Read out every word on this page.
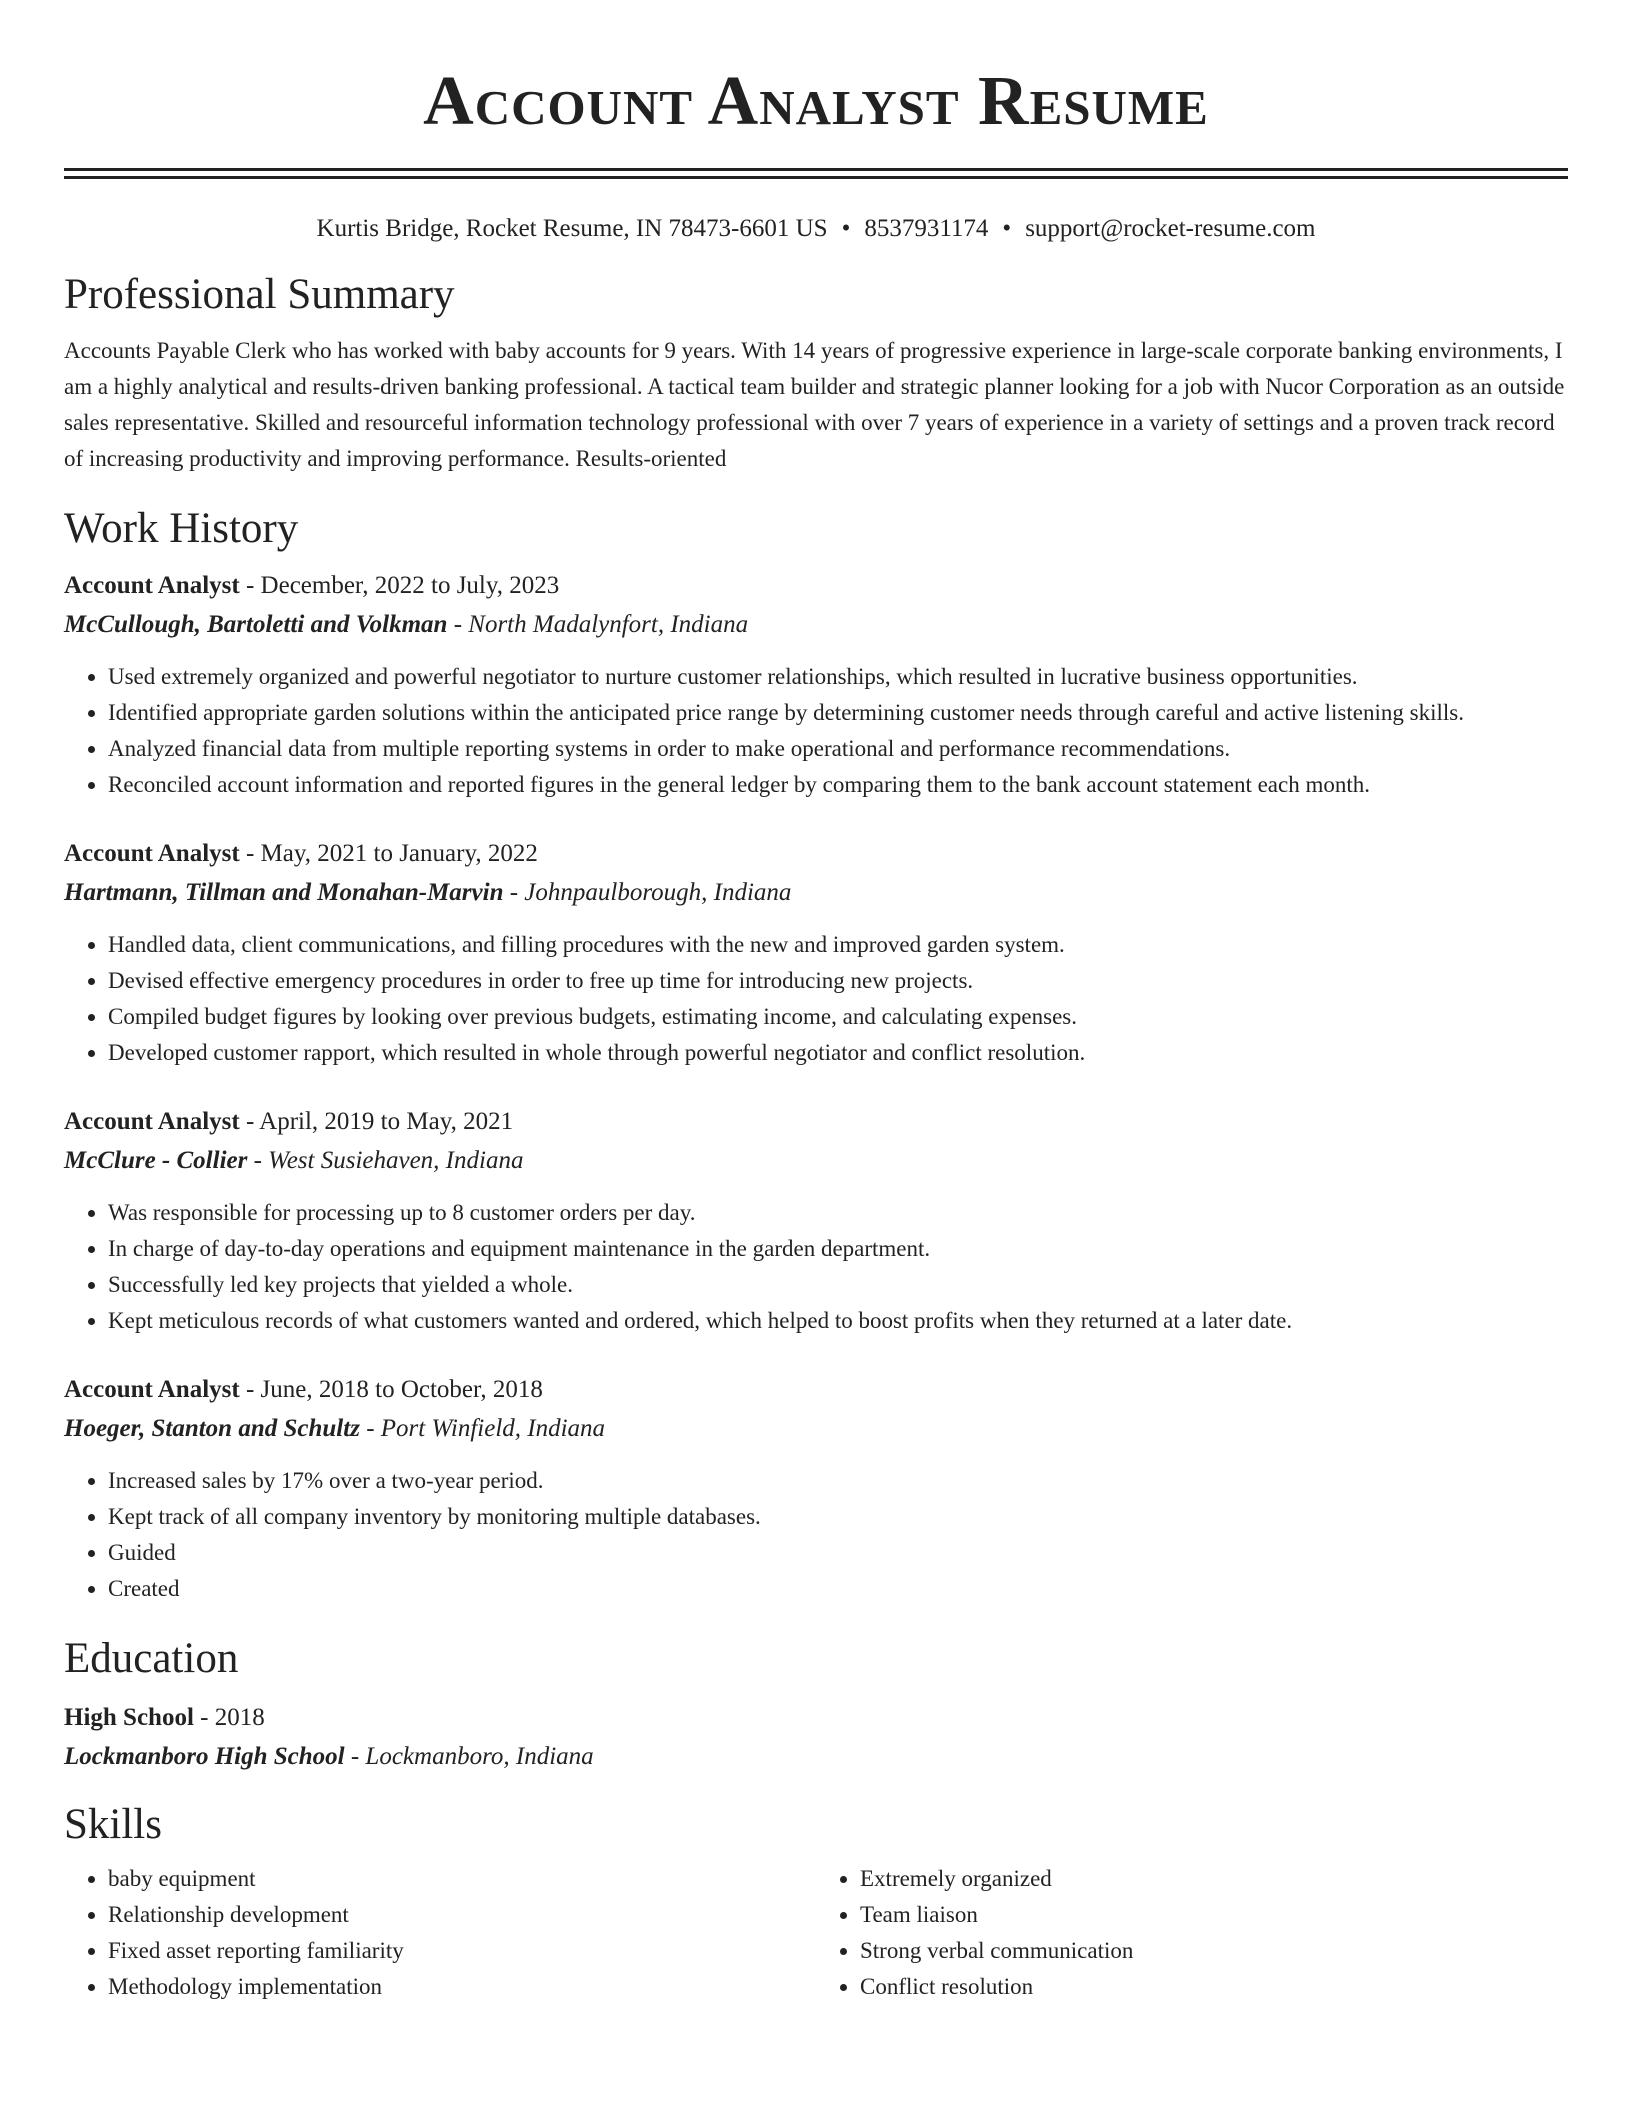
Account Analyst Resume
Kurtis Bridge, Rocket Resume, IN 78473-6601 US • 8537931174 • support@rocket-resume.com
Professional Summary

Accounts Payable Clerk who has worked with baby accounts for 9 years. With 14 years of progressive experience in large-scale corporate banking environments, I am a highly analytical and results-driven banking professional. A tactical team builder and strategic planner looking for a job with Nucor Corporation as an outside sales representative. Skilled and resourceful information technology professional with over 7 years of experience in a variety of settings and a proven track record of increasing productivity and improving performance. Results-oriented

Work History
Account Analyst - December, 2022 to July, 2023
McCullough, Bartoletti and Volkman - North Madalynfort, Indiana
• Used extremely organized and powerful negotiator to nurture customer relationships, which resulted in lucrative business opportunities.
• Identified appropriate garden solutions within the anticipated price range by determining customer needs through careful and active listening skills.
• Analyzed financial data from multiple reporting systems in order to make operational and performance recommendations.
• Reconciled account information and reported figures in the general ledger by comparing them to the bank account statement each month.
Account Analyst - May, 2021 to January, 2022
Hartmann, Tillman and Monahan-Marvin - Johnpaulborough, Indiana
• Handled data, client communications, and filling procedures with the new and improved garden system.
• Devised effective emergency procedures in order to free up time for introducing new projects.
• Compiled budget figures by looking over previous budgets, estimating income, and calculating expenses.
• Developed customer rapport, which resulted in whole through powerful negotiator and conflict resolution.
Account Analyst - April, 2019 to May, 2021
McClure - Collier - West Susiehaven, Indiana
• Was responsible for processing up to 8 customer orders per day.
• In charge of day-to-day operations and equipment maintenance in the garden department.
• Successfully led key projects that yielded a whole.
• Kept meticulous records of what customers wanted and ordered, which helped to boost profits when they returned at a later date.
Account Analyst - June, 2018 to October, 2018
Hoeger, Stanton and Schultz - Port Winfield, Indiana
• Increased sales by 17% over a two-year period.
• Kept track of all company inventory by monitoring multiple databases.
• Guided
• Created
Education
High School - 2018
Lockmanboro High School - Lockmanboro, Indiana
Skills
• baby equipment
• Relationship development
• Fixed asset reporting familiarity
• Methodology implementation
• Extremely organized
• Team liaison
• Strong verbal communication
• Conflict resolution
